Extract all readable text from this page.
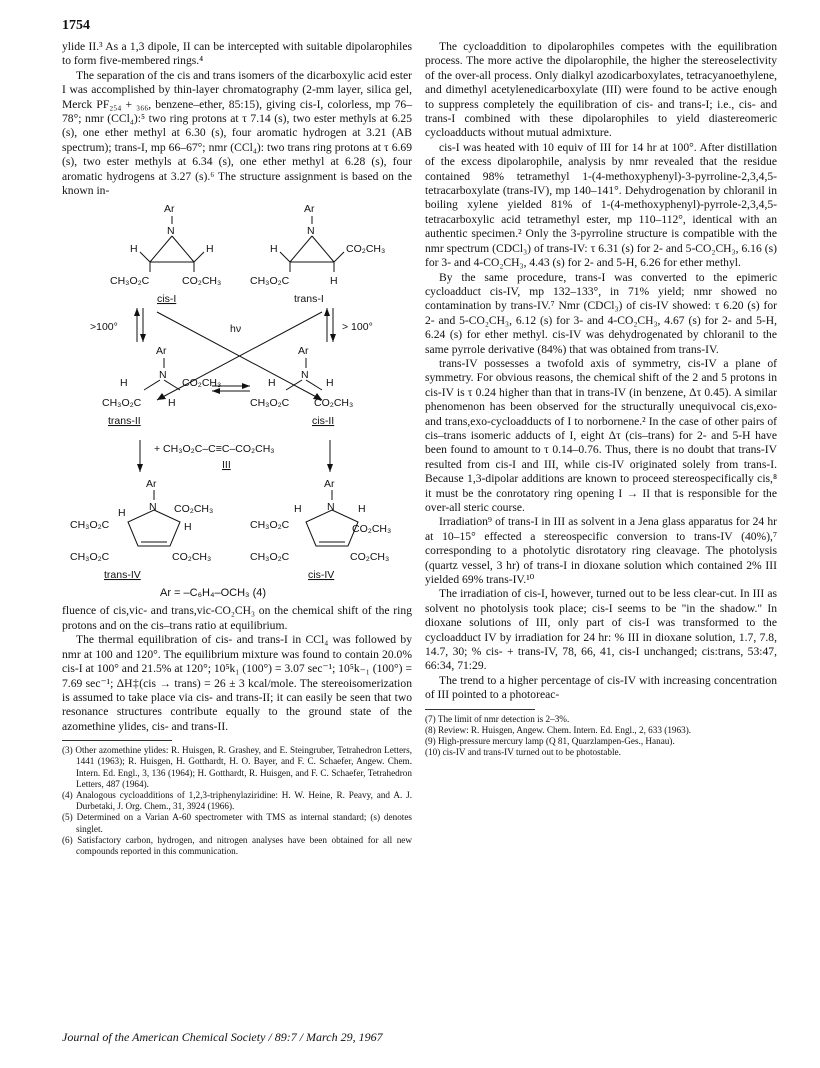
1754

ylide II.³ As a 1,3 dipole, II can be intercepted with suitable dipolarophiles to form five-membered rings.⁴

The separation of the cis and trans isomers of the dicarboxylic acid ester I was accomplished by thin-layer chromatography (2-mm layer, silica gel, Merck PF₂₅₄ + ₃₆₆, benzene–ether, 85:15), giving cis-I, colorless, mp 76–78°; nmr (CCl₄):⁵ two ring protons at τ 7.14 (s), two ester methyls at 6.25 (s), one ether methyl at 6.30 (s), four aromatic hydrogen at 3.21 (AB spectrum); trans-I, mp 66–67°; nmr (CCl₄): two trans ring protons at τ 6.69 (s), two ester methyls at 6.34 (s), one ether methyl at 6.28 (s), four aromatic hydrogens at 3.27 (s).⁶ The structure assignment is based on the known in-

Ar
N
H	H
CH₃O₂C	CO₂CH₃
cis-I
Ar
N
H	CO₂CH₃
CH₃O₂C	H
trans-I
hν
>100°	> 100°
Ar
N
H	CO₂CH₃
CH₃O₂C	H
trans-II
Ar
N
H	H
CH₃O₂C CO₂CH₃
cis-II
+ CH₃O₂C–C≡C–CO₂CH₃
III
Ar
N
H	CO₂CH₃
CH₃O₂C	H
CH₃O₂C	CO₂CH₃
trans-IV
Ar
N
H	H
CH₃O₂C	CO₂CH₃
CH₃O₂C	CO₂CH₃
cis-IV
Ar = –C₆H₄–OCH₃ (4)

fluence of cis,vic- and trans,vic-CO₂CH₃ on the chemical shift of the ring protons and on the cis–trans ratio at equilibrium.

The thermal equilibration of cis- and trans-I in CCl₄ was followed by nmr at 100 and 120°. The equilibrium mixture was found to contain 20.0% cis-I at 100° and 21.5% at 120°; 10⁵k₁ (100°) = 3.07 sec⁻¹; 10⁵k₋₁ (100°) = 7.69 sec⁻¹; ΔH‡(cis → trans) = 26 ± 3 kcal/mole. The stereoisomerization is assumed to take place via cis- and trans-II; it can easily be seen that two resonance structures contribute equally to the ground state of the azomethine ylides, cis- and trans-II.

(3) Other azomethine ylides: R. Huisgen, R. Grashey, and E. Steingruber, Tetrahedron Letters, 1441 (1963); R. Huisgen, H. Gotthardt, H. O. Bayer, and F. C. Schaefer, Angew. Chem. Intern. Ed. Engl., 3, 136 (1964); H. Gotthardt, R. Huisgen, and F. C. Schaefer, Tetrahedron Letters, 487 (1964).

(4) Analogous cycloadditions of 1,2,3-triphenylaziridine: H. W. Heine, R. Peavy, and A. J. Durbetaki, J. Org. Chem., 31, 3924 (1966).

(5) Determined on a Varian A-60 spectrometer with TMS as internal standard; (s) denotes singlet.

(6) Satisfactory carbon, hydrogen, and nitrogen analyses have been obtained for all new compounds reported in this communication.

The cycloaddition to dipolarophiles competes with the equilibration process. The more active the dipolarophile, the higher the stereoselectivity of the over-all process. Only dialkyl azodicarboxylates, tetracyanoethylene, and dimethyl acetylenedicarboxylate (III) were found to be active enough to suppress completely the equilibration of cis- and trans-I; i.e., cis- and trans-I combined with these dipolarophiles to yield diastereomeric cycloadducts without mutual admixture.

cis-I was heated with 10 equiv of III for 14 hr at 100°. After distillation of the excess dipolarophile, analysis by nmr revealed that the residue contained 98% tetramethyl 1-(4-methoxyphenyl)-3-pyrroline-2,3,4,5-tetracarboxylate (trans-IV), mp 140–141°. Dehydrogenation by chloranil in boiling xylene yielded 81% of 1-(4-methoxyphenyl)-pyrrole-2,3,4,5-tetracarboxylic acid tetramethyl ester, mp 110–112°, identical with an authentic specimen.² Only the 3-pyrroline structure is compatible with the nmr spectrum (CDCl₃) of trans-IV: τ 6.31 (s) for 2- and 5-CO₂CH₃, 6.16 (s) for 3- and 4-CO₂CH₃, 4.43 (s) for 2- and 5-H, 6.26 for ether methyl.

By the same procedure, trans-I was converted to the epimeric cycloadduct cis-IV, mp 132–133°, in 71% yield; nmr showed no contamination by trans-IV.⁷ Nmr (CDCl₃) of cis-IV showed: τ 6.20 (s) for 2- and 5-CO₂CH₃, 6.12 (s) for 3- and 4-CO₂CH₃, 4.67 (s) for 2- and 5-H, 6.24 (s) for ether methyl. cis-IV was dehydrogenated by chloranil to the same pyrrole derivative (84%) that was obtained from trans-IV.

trans-IV possesses a twofold axis of symmetry, cis-IV a plane of symmetry. For obvious reasons, the chemical shift of the 2 and 5 protons in cis-IV is τ 0.24 higher than that in trans-IV (in benzene, Δτ 0.45). A similar phenomenon has been observed for the structurally unequivocal cis,exo- and trans,exo-cycloadducts of I to norbornene.² In the case of other pairs of cis–trans isomeric adducts of I, eight Δτ (cis–trans) for 2- and 5-H have been found to amount to τ 0.14–0.76. Thus, there is no doubt that trans-IV resulted from cis-I and III, while cis-IV originated solely from trans-I. Because 1,3-dipolar additions are known to proceed stereospecifically cis,⁸ it must be the conrotatory ring opening I → II that is responsible for the over-all steric course.

Irradiation⁹ of trans-I in III as solvent in a Jena glass apparatus for 24 hr at 10–15° effected a stereospecific conversion to trans-IV (40%),⁷ corresponding to a photolytic disrotatory ring cleavage. The photolysis (quartz vessel, 3 hr) of trans-I in dioxane solution which contained 2% III yielded 69% trans-IV.¹⁰

The irradiation of cis-I, however, turned out to be less clear-cut. In III as solvent no photolysis took place; cis-I seems to be "in the shadow." In dioxane solutions of III, only part of cis-I was transformed to the cycloadduct IV by irradiation for 24 hr: % III in dioxane solution, 1.7, 7.8, 14.7, 30; % cis- + trans-IV, 78, 66, 41, cis-I unchanged; cis:trans, 53:47, 66:34, 71:29.

The trend to a higher percentage of cis-IV with increasing concentration of III pointed to a photoreac-

(7) The limit of nmr detection is 2–3%.

(8) Review: R. Huisgen, Angew. Chem. Intern. Ed. Engl., 2, 633 (1963).

(9) High-pressure mercury lamp (Q 81, Quarzlampen-Ges., Hanau).

(10) cis-IV and trans-IV turned out to be photostable.

Journal of the American Chemical Society / 89:7 / March 29, 1967
